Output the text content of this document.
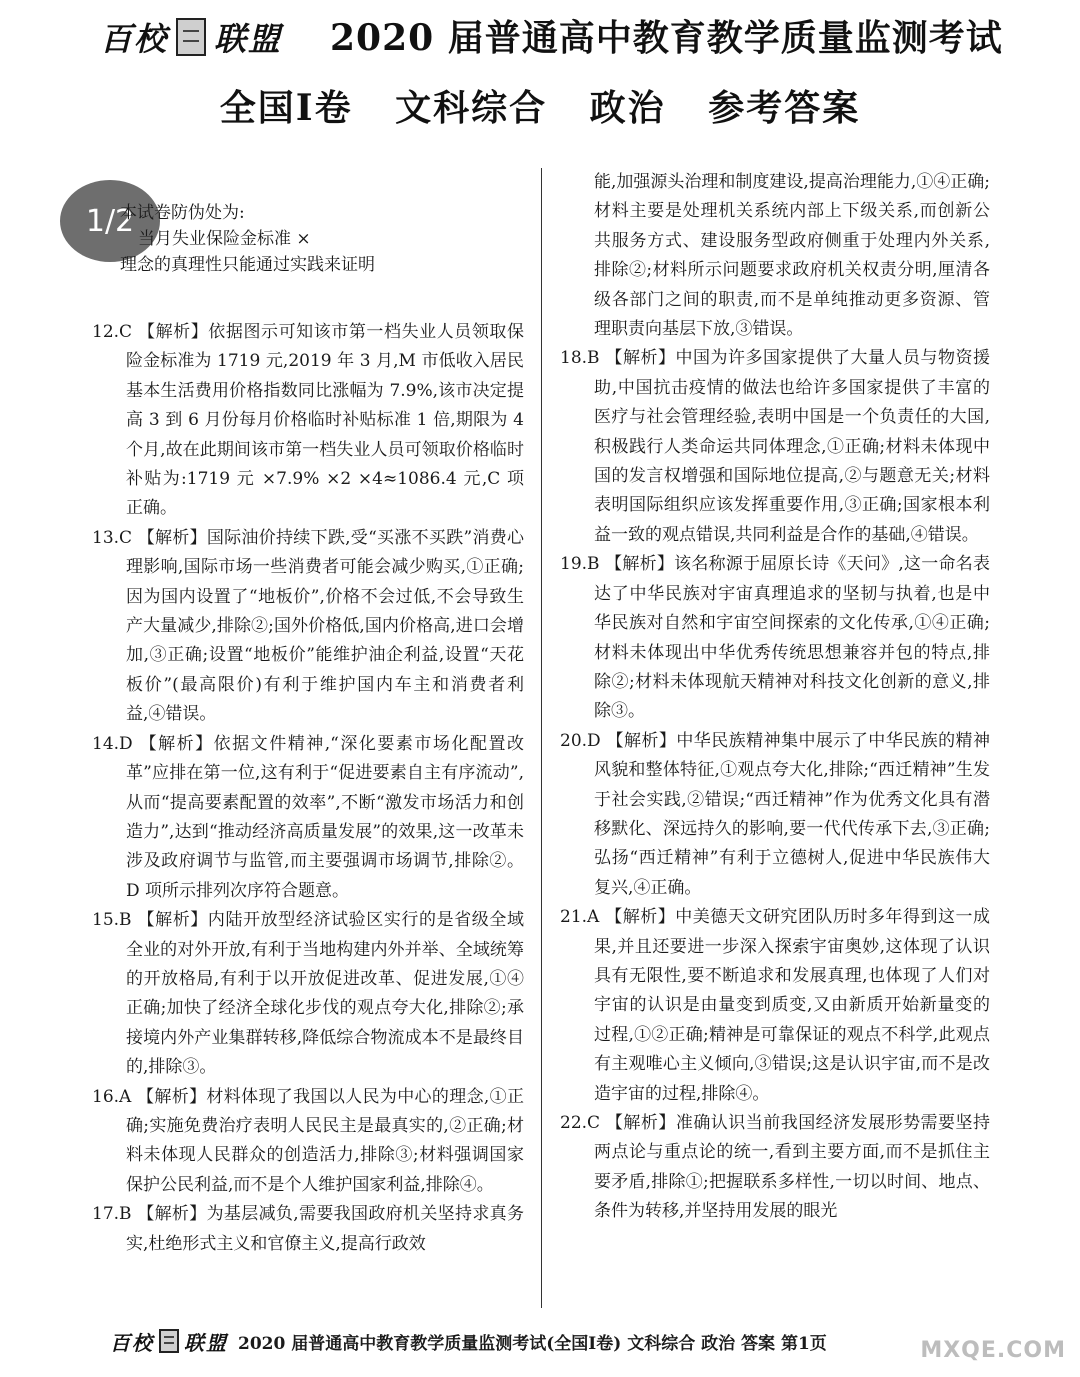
百校 联盟 2020 届普通高中教育教学质量监测考试
全国Ⅰ卷 文科综合 政治 参考答案
1/2
本试卷防伪处为:
当月失业保险金标准 ×
理念的真理性只能通过实践来证明

12.C 【解析】依据图示可知该市第一档失业人员领取保险金标准为 1719 元,2019 年 3 月,M 市低收入居民基本生活费用价格指数同比涨幅为 7.9%,该市决定提高 3 到 6 月份每月价格临时补贴标准 1 倍,期限为 4 个月,故在此期间该市第一档失业人员可领取价格临时补贴为:1719 元 ×7.9% ×2 ×4≈1086.4 元,C 项正确。

13.C 【解析】国际油价持续下跌,受“买涨不买跌”消费心理影响,国际市场一些消费者可能会减少购买,①正确;因为国内设置了“地板价”,价格不会过低,不会导致生产大量减少,排除②;国外价格低,国内价格高,进口会增加,③正确;设置“地板价”能维护油企利益,设置“天花板价”(最高限价)有利于维护国内车主和消费者利益,④错误。

14.D 【解析】依据文件精神,“深化要素市场化配置改革”应排在第一位,这有利于“促进要素自主有序流动”,从而“提高要素配置的效率”,不断“激发市场活力和创造力”,达到“推动经济高质量发展”的效果,这一改革未涉及政府调节与监管,而主要强调市场调节,排除②。D 项所示排列次序符合题意。

15.B 【解析】内陆开放型经济试验区实行的是省级全域全业的对外开放,有利于当地构建内外并举、全域统筹的开放格局,有利于以开放促进改革、促进发展,①④正确;加快了经济全球化步伐的观点夸大化,排除②;承接境内外产业集群转移,降低综合物流成本不是最终目的,排除③。

16.A 【解析】材料体现了我国以人民为中心的理念,①正确;实施免费治疗表明人民民主是最真实的,②正确;材料未体现人民群众的创造活力,排除③;材料强调国家保护公民利益,而不是个人维护国家利益,排除④。

17.B 【解析】为基层减负,需要我国政府机关坚持求真务实,杜绝形式主义和官僚主义,提高行政效

能,加强源头治理和制度建设,提高治理能力,①④正确;材料主要是处理机关系统内部上下级关系,而创新公共服务方式、建设服务型政府侧重于处理内外关系,排除②;材料所示问题要求政府机关权责分明,厘清各级各部门之间的职责,而不是单纯推动更多资源、管理职责向基层下放,③错误。

18.B 【解析】中国为许多国家提供了大量人员与物资援助,中国抗击疫情的做法也给许多国家提供了丰富的医疗与社会管理经验,表明中国是一个负责任的大国,积极践行人类命运共同体理念,①正确;材料未体现中国的发言权增强和国际地位提高,②与题意无关;材料表明国际组织应该发挥重要作用,③正确;国家根本利益一致的观点错误,共同利益是合作的基础,④错误。

19.B 【解析】该名称源于屈原长诗《天问》,这一命名表达了中华民族对宇宙真理追求的坚韧与执着,也是中华民族对自然和宇宙空间探索的文化传承,①④正确;材料未体现出中华优秀传统思想兼容并包的特点,排除②;材料未体现航天精神对科技文化创新的意义,排除③。

20.D 【解析】中华民族精神集中展示了中华民族的精神风貌和整体特征,①观点夸大化,排除;“西迁精神”生发于社会实践,②错误;“西迁精神”作为优秀文化具有潜移默化、深远持久的影响,要一代代传承下去,③正确;弘扬“西迁精神”有利于立德树人,促进中华民族伟大复兴,④正确。

21.A 【解析】中美德天文研究团队历时多年得到这一成果,并且还要进一步深入探索宇宙奥妙,这体现了认识具有无限性,要不断追求和发展真理,也体现了人们对宇宙的认识是由量变到质变,又由新质开始新量变的过程,①②正确;精神是可靠保证的观点不科学,此观点有主观唯心主义倾向,③错误;这是认识宇宙,而不是改造宇宙的过程,排除④。

22.C 【解析】准确认识当前我国经济发展形势需要坚持两点论与重点论的统一,看到主要方面,而不是抓住主要矛盾,排除①;把握联系多样性,一切以时间、地点、条件为转移,并坚持用发展的眼光

百校 联盟 2020 届普通高中教育教学质量监测考试(全国Ⅰ卷) 文科综合 政治 答案 第1页	MXQE.COM
